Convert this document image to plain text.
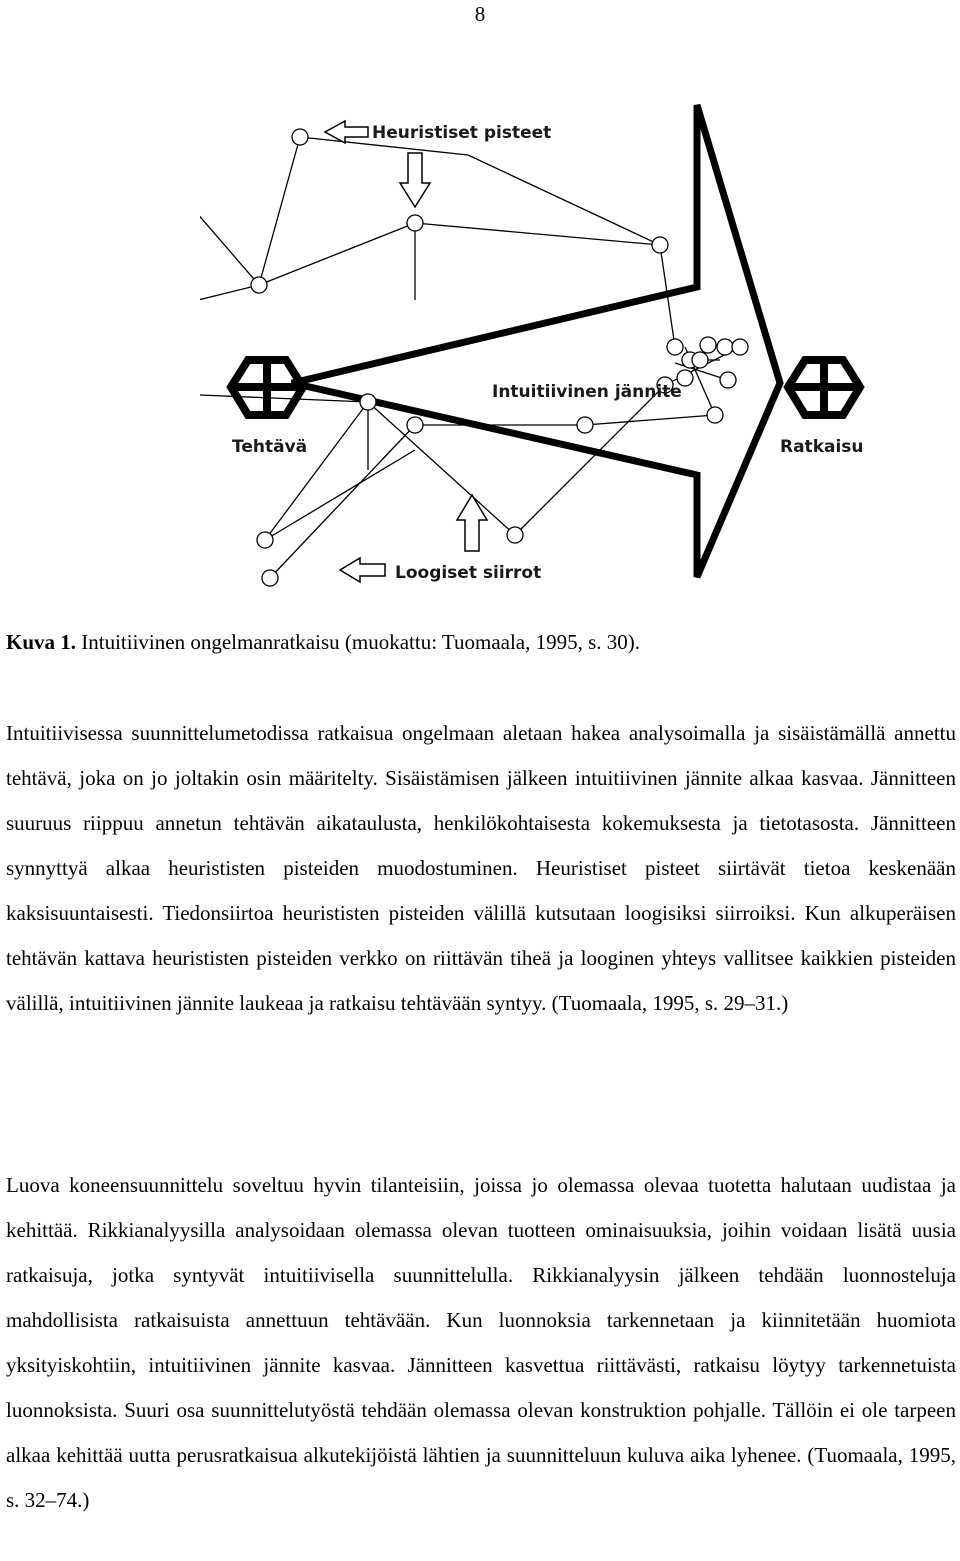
8
Heuristiset pisteet
Intuitiivinen jännite
Tehtävä	Ratkaisu
Loogiset siirrot
Kuva 1. Intuitiivinen ongelmanratkaisu (muokattu: Tuomaala, 1995, s. 30).

Intuitiivisessa suunnittelumetodissa ratkaisua ongelmaan aletaan hakea analysoimalla ja sisäistämällä annettu tehtävä, joka on jo joltakin osin määritelty. Sisäistämisen jälkeen intuitiivinen jännite alkaa kasvaa. Jännitteen suuruus riippuu annetun tehtävän aikataulusta, henkilökohtaisesta kokemuksesta ja tietotasosta. Jännitteen synnyttyä alkaa heurististen pisteiden muodostuminen. Heuristiset pisteet siirtävät tietoa keskenään kaksisuuntaisesti. Tiedonsiirtoa heurististen pisteiden välillä kutsutaan loogisiksi siirroiksi. Kun alkuperäisen tehtävän kattava heurististen pisteiden verkko on riittävän tiheä ja looginen yhteys vallitsee kaikkien pisteiden välillä, intuitiivinen jännite laukeaa ja ratkaisu tehtävään syntyy. (Tuomaala, 1995, s. 29–31.)

Luova koneensuunnittelu soveltuu hyvin tilanteisiin, joissa jo olemassa olevaa tuotetta halutaan uudistaa ja kehittää. Rikkianalyysilla analysoidaan olemassa olevan tuotteen ominaisuuksia, joihin voidaan lisätä uusia ratkaisuja, jotka syntyvät intuitiivisella suunnittelulla. Rikkianalyysin jälkeen tehdään luonnosteluja mahdollisista ratkaisuista annettuun tehtävään. Kun luonnoksia tarkennetaan ja kiinnitetään huomiota yksityiskohtiin, intuitiivinen jännite kasvaa. Jännitteen kasvettua riittävästi, ratkaisu löytyy tarkennetuista luonnoksista. Suuri osa suunnittelutyöstä tehdään olemassa olevan konstruktion pohjalle. Tällöin ei ole tarpeen alkaa kehittää uutta perusratkaisua alkutekijöistä lähtien ja suunnitteluun kuluva aika lyhenee. (Tuomaala, 1995, s. 32–74.)
